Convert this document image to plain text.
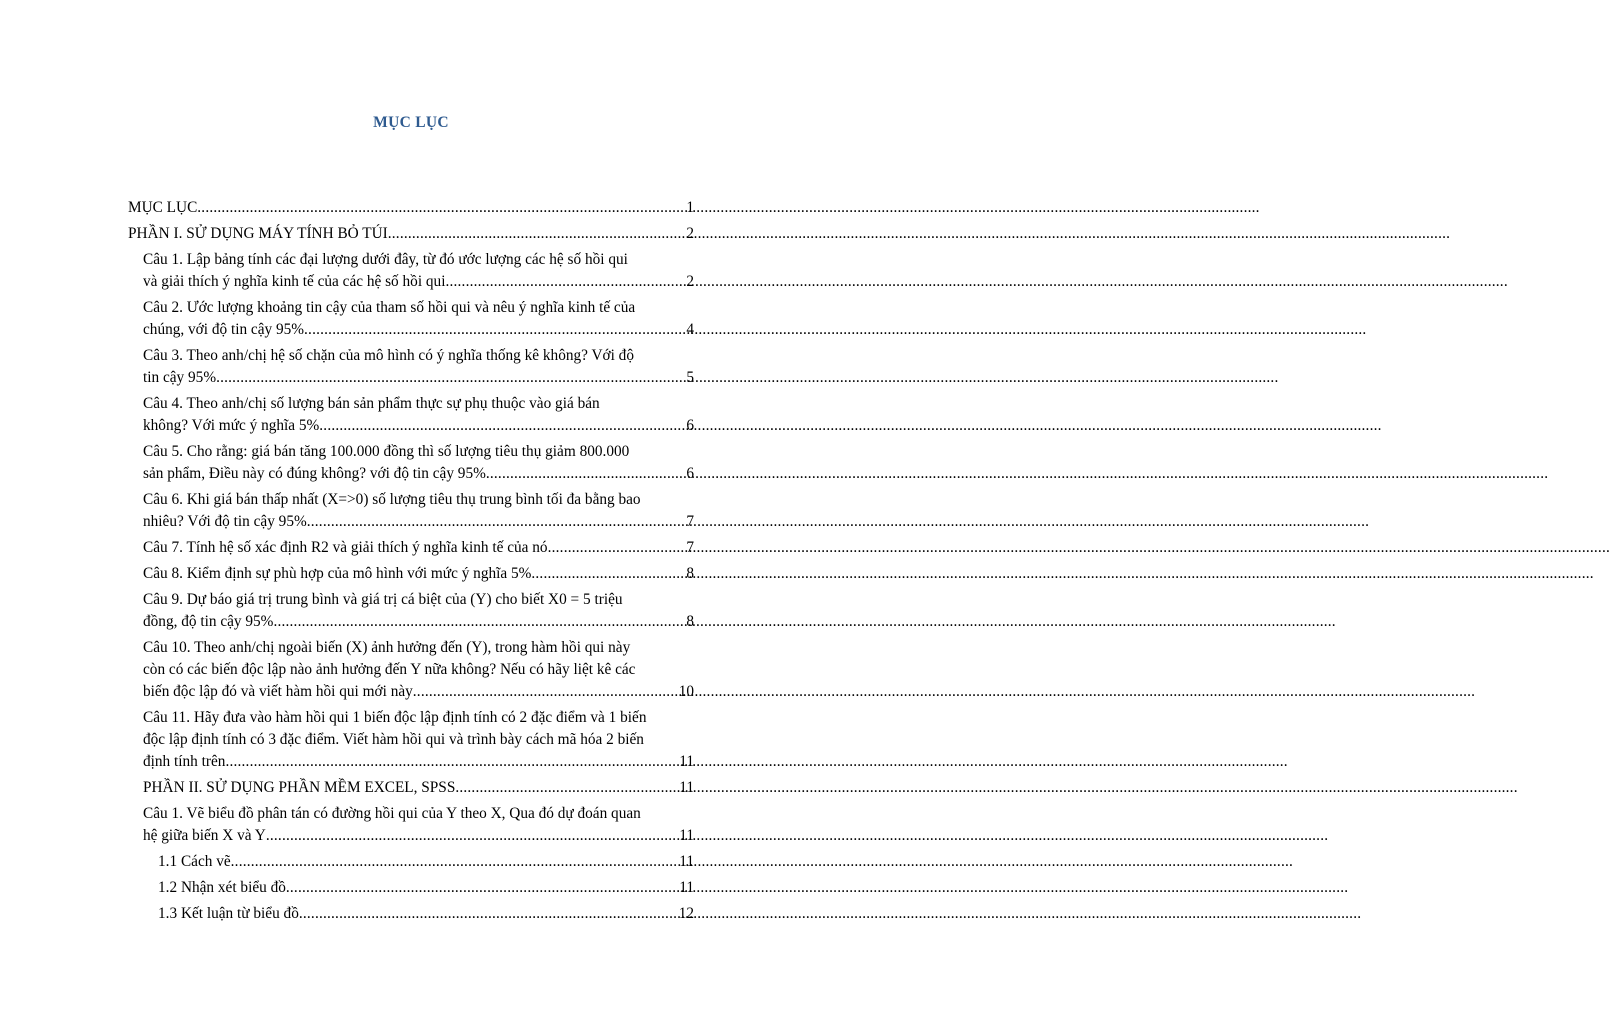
MỤC LỤC
MỤC LỤC .....	1
PHẦN I. SỬ DỤNG MÁY TÍNH BỎ TÚI .....	2
Câu 1. Lập bảng tính các đại lượng dưới đây, từ đó ước lượng các hệ số hồi qui
và giải thích ý nghĩa kinh tế của các hệ số hồi qui .....	2
Câu 2. Ước lượng khoảng tin cậy của tham số hồi qui và nêu ý nghĩa kinh tế của
chúng, với độ tin cậy 95% .....	4
Câu 3. Theo anh/chị hệ số chặn của mô hình có ý nghĩa thống kê không? Với độ
tin cậy 95% .....	5
Câu 4. Theo anh/chị số lượng bán sản phẩm thực sự phụ thuộc vào giá bán
không? Với mức ý nghĩa 5% .....	6
Câu 5. Cho rằng: giá bán tăng 100.000 đồng thì số lượng tiêu thụ giảm 800.000
sản phẩm, Điều này có đúng không? với độ tin cậy 95% .....	6
Câu 6. Khi giá bán thấp nhất (X=>0) số lượng tiêu thụ trung bình tối đa bằng bao
nhiêu? Với độ tin cậy 95% .....	7
Câu 7. Tính hệ số xác định R2 và giải thích ý nghĩa kinh tế của nó .....	7
Câu 8. Kiểm định sự phù hợp của mô hình với mức ý nghĩa 5% .....	8
Câu 9. Dự báo giá trị trung bình và giá trị cá biệt của (Y) cho biết X0 = 5 triệu
đồng, độ tin cậy 95% .....	8
Câu 10. Theo anh/chị ngoài biến (X) ảnh hưởng đến (Y), trong hàm hồi qui này
còn có các biến độc lập nào ảnh hưởng đến Y nữa không? Nếu có hãy liệt kê các
biến độc lập đó và viết hàm hồi qui mới này .....	10
Câu 11. Hãy đưa vào hàm hồi qui 1 biến độc lập định tính có 2 đặc điểm và 1 biến
độc lập định tính có 3 đặc điểm. Viết hàm hồi qui và trình bày cách mã hóa 2 biến
định tính trên .....	11
PHẦN II. SỬ DỤNG PHẦN MỀM EXCEL, SPSS .....	11
Câu 1. Vẽ biểu đồ phân tán có đường hồi qui của Y theo X, Qua đó dự đoán quan
hệ giữa biến X và Y .....	11
1.1 Cách vẽ .....	11
1.2 Nhận xét biểu đồ .....	11
1.3 Kết luận từ biểu đồ .....	12
